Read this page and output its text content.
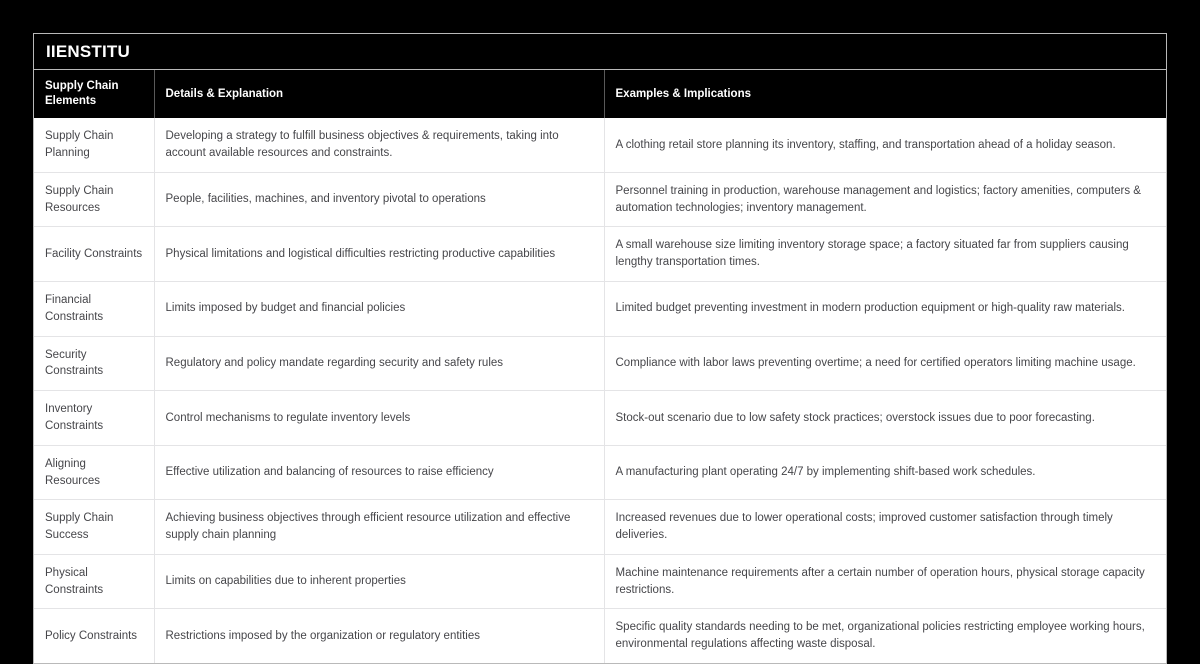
IIENSTITU
Supply Chain Elements	Details & Explanation	Examples & Implications
Supply Chain Planning	Developing a strategy to fulfill business objectives & requirements, taking into account available resources and constraints.	A clothing retail store planning its inventory, staffing, and transportation ahead of a holiday season.
Supply Chain Resources	People, facilities, machines, and inventory pivotal to operations	Personnel training in production, warehouse management and logistics; factory amenities, computers & automation technologies; inventory management.
Facility Constraints	Physical limitations and logistical difficulties restricting productive capabilities	A small warehouse size limiting inventory storage space; a factory situated far from suppliers causing lengthy transportation times.
Financial Constraints	Limits imposed by budget and financial policies	Limited budget preventing investment in modern production equipment or high-quality raw materials.
Security Constraints	Regulatory and policy mandate regarding security and safety rules	Compliance with labor laws preventing overtime; a need for certified operators limiting machine usage.
Inventory Constraints	Control mechanisms to regulate inventory levels	Stock-out scenario due to low safety stock practices; overstock issues due to poor forecasting.
Aligning Resources	Effective utilization and balancing of resources to raise efficiency	A manufacturing plant operating 24/7 by implementing shift-based work schedules.
Supply Chain Success	Achieving business objectives through efficient resource utilization and effective supply chain planning	Increased revenues due to lower operational costs; improved customer satisfaction through timely deliveries.
Physical Constraints	Limits on capabilities due to inherent properties	Machine maintenance requirements after a certain number of operation hours, physical storage capacity restrictions.
Policy Constraints	Restrictions imposed by the organization or regulatory entities	Specific quality standards needing to be met, organizational policies restricting employee working hours, environmental regulations affecting waste disposal.
